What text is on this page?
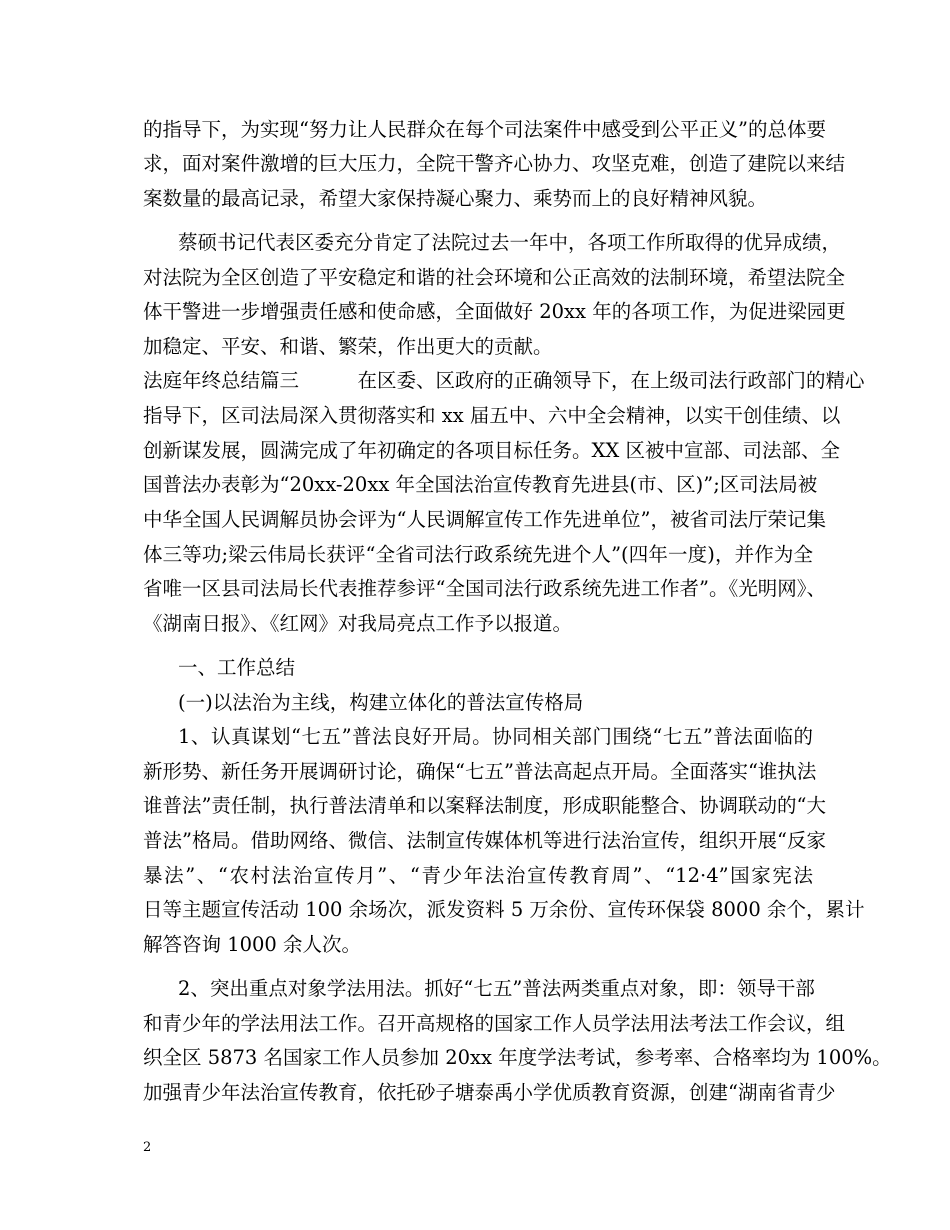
的指导下，为实现“努力让人民群众在每个司法案件中感受到公平正义”的总体要
求，面对案件激增的巨大压力，全院干警齐心协力、攻坚克难，创造了建院以来结
案数量的最高记录，希望大家保持凝心聚力、乘势而上的良好精神风貌。
蔡硕书记代表区委充分肯定了法院过去一年中，各项工作所取得的优异成绩，
对法院为全区创造了平安稳定和谐的社会环境和公正高效的法制环境，希望法院全
体干警进一步增强责任感和使命感，全面做好 20xx 年的各项工作，为促进梁园更
加稳定、平安、和谐、繁荣，作出更大的贡献。
法庭年终总结篇三　　　在区委、区政府的正确领导下，在上级司法行政部门的精心
指导下，区司法局深入贯彻落实和 xx 届五中、六中全会精神，以实干创佳绩、以
创新谋发展，圆满完成了年初确定的各项目标任务。XX 区被中宣部、司法部、全
国普法办表彰为“20xx-20xx 年全国法治宣传教育先进县(市、区)”;区司法局被
中华全国人民调解员协会评为“人民调解宣传工作先进单位”，被省司法厅荣记集
体三等功;梁云伟局长获评“全省司法行政系统先进个人”(四年一度)，并作为全
省唯一区县司法局长代表推荐参评“全国司法行政系统先进工作者”。《光明网》、
《湖南日报》、《红网》对我局亮点工作予以报道。
一、工作总结
(一)以法治为主线，构建立体化的普法宣传格局
1、认真谋划“七五”普法良好开局。协同相关部门围绕“七五”普法面临的
新形势、新任务开展调研讨论，确保“七五”普法高起点开局。全面落实“谁执法
谁普法”责任制，执行普法清单和以案释法制度，形成职能整合、协调联动的“大
普法”格局。借助网络、微信、法制宣传媒体机等进行法治宣传，组织开展“反家
暴法”、“农村法治宣传月”、“青少年法治宣传教育周”、“12·4”国家宪法
日等主题宣传活动 100 余场次，派发资料 5 万余份、宣传环保袋 8000 余个，累计
解答咨询 1000 余人次。
2、突出重点对象学法用法。抓好“七五”普法两类重点对象，即：领导干部
和青少年的学法用法工作。召开高规格的国家工作人员学法用法考法工作会议，组
织全区 5873 名国家工作人员参加 20xx 年度学法考试，参考率、合格率均为 100%。
加强青少年法治宣传教育，依托砂子塘泰禹小学优质教育资源，创建“湖南省青少
2
